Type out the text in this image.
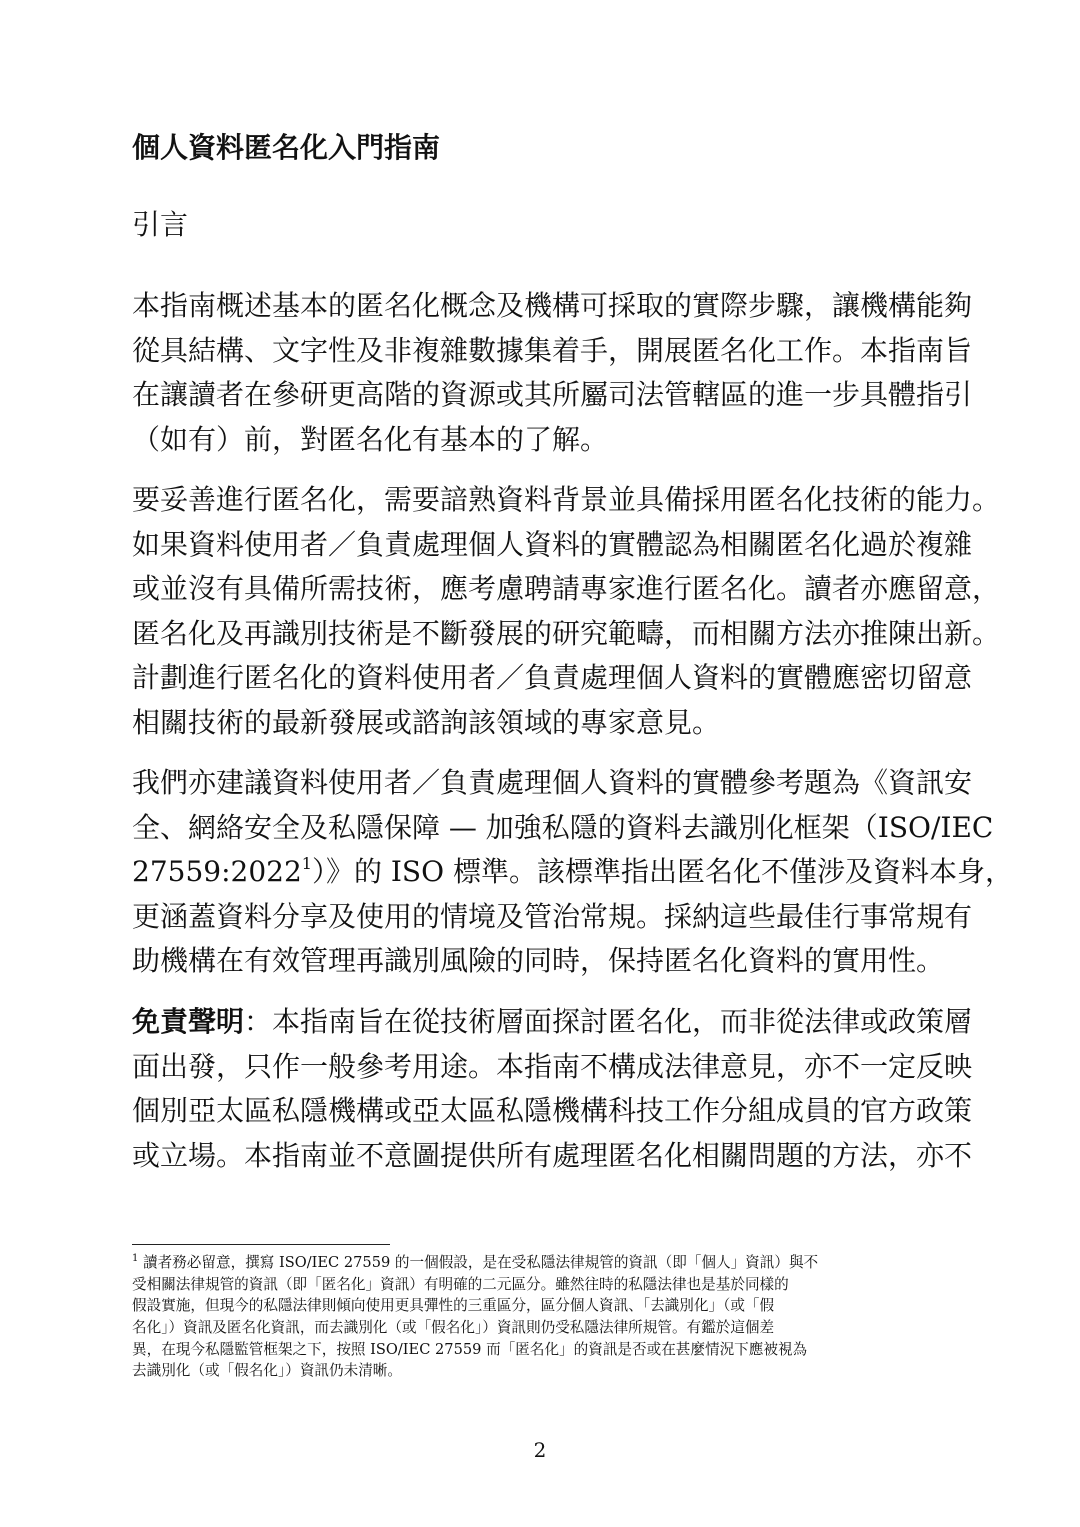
個人資料匿名化入門指南
引言
本指南概述基本的匿名化概念及機構可採取的實際步驟，讓機構能夠
從具結構、文字性及非複雜數據集着手，開展匿名化工作。本指南旨
在讓讀者在參研更高階的資源或其所屬司法管轄區的進一步具體指引
（如有）前，對匿名化有基本的了解。
要妥善進行匿名化，需要諳熟資料背景並具備採用匿名化技術的能力。
如果資料使用者／負責處理個人資料的實體認為相關匿名化過於複雜
或並沒有具備所需技術，應考慮聘請專家進行匿名化。讀者亦應留意，
匿名化及再識別技術是不斷發展的研究範疇，而相關方法亦推陳出新。
計劃進行匿名化的資料使用者／負責處理個人資料的實體應密切留意
相關技術的最新發展或諮詢該領域的專家意見。
我們亦建議資料使用者／負責處理個人資料的實體參考題為《資訊安
全、網絡安全及私隱保障 — 加強私隱的資料去識別化框架（ISO/IEC
27559:2022$^1$）》的 ISO 標準。該標準指出匿名化不僅涉及資料本身，
更涵蓋資料分享及使用的情境及管治常規。採納這些最佳行事常規有
助機構在有效管理再識別風險的同時，保持匿名化資料的實用性。
免責聲明：本指南旨在從技術層面探討匿名化，而非從法律或政策層
面出發，只作一般參考用途。本指南不構成法律意見，亦不一定反映
個別亞太區私隱機構或亞太區私隱機構科技工作分組成員的官方政策
或立場。本指南並不意圖提供所有處理匿名化相關問題的方法，亦不
$^1$ 讀者務必留意，撰寫 ISO/IEC 27559 的一個假設，是在受私隱法律規管的資訊（即「個人」資訊）與不
受相關法律規管的資訊（即「匿名化」資訊）有明確的二元區分。雖然往時的私隱法律也是基於同樣的
假設實施，但現今的私隱法律則傾向使用更具彈性的三重區分，區分個人資訊、「去識別化」（或「假
名化」）資訊及匿名化資訊，而去識別化（或「假名化」）資訊則仍受私隱法律所規管。有鑑於這個差
異，在現今私隱監管框架之下，按照 ISO/IEC 27559 而「匿名化」的資訊是否或在甚麼情況下應被視為
去識別化（或「假名化」）資訊仍未清晰。
2
